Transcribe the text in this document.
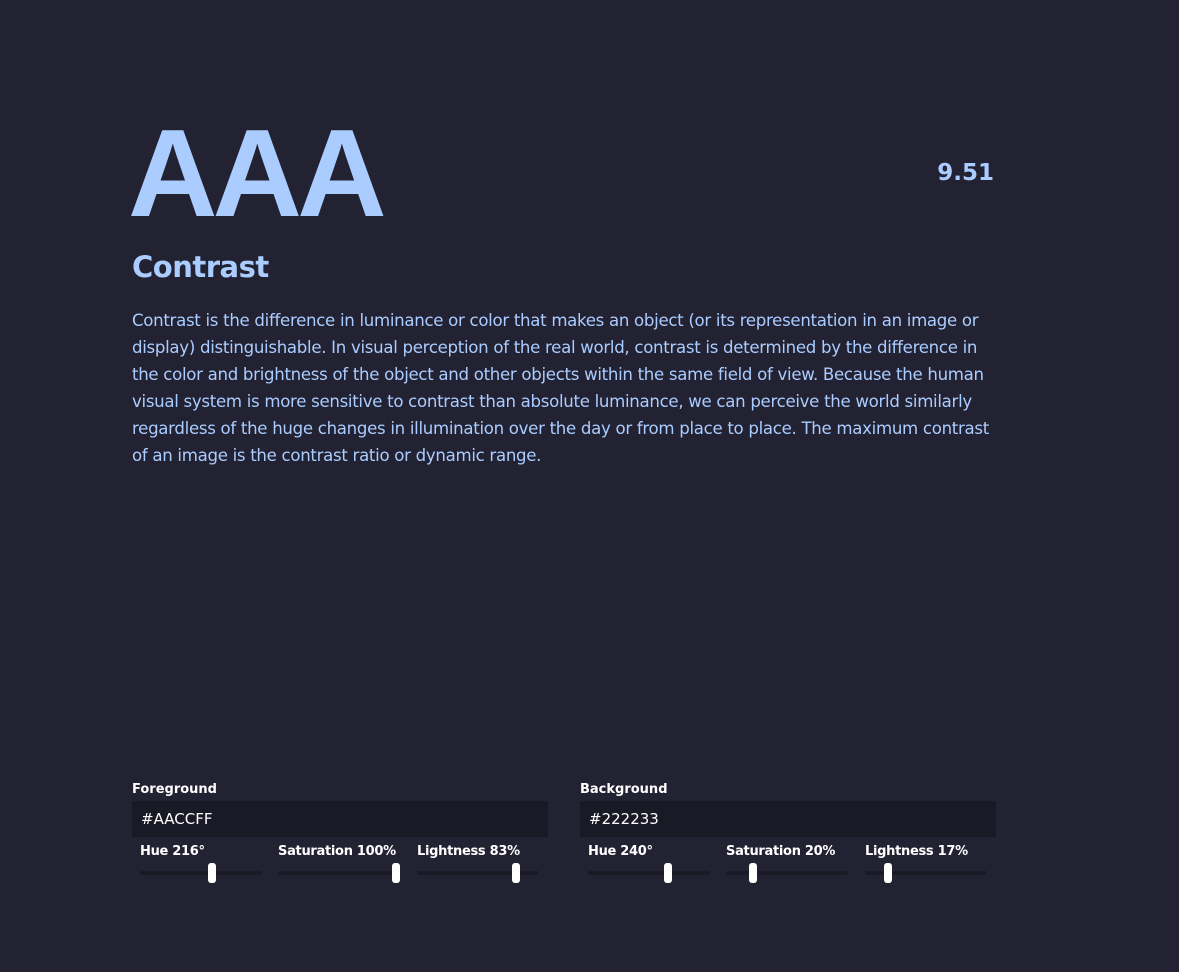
AAA	9.51
Contrast

Contrast is the difference in luminance or color that makes an object (or its representation in an image or display) distinguishable. In visual perception of the real world, contrast is determined by the difference in the color and brightness of the object and other objects within the same field of view. Because the human visual system is more sensitive to contrast than absolute luminance, we can perceive the world similarly regardless of the huge changes in illumination over the day or from place to place. The maximum contrast of an image is the contrast ratio or dynamic range.

Foreground
#AACCFF
Hue 216°	Saturation 100%	Lightness 83%
Background
#222233
Hue 240°	Saturation 20%	Lightness 17%
